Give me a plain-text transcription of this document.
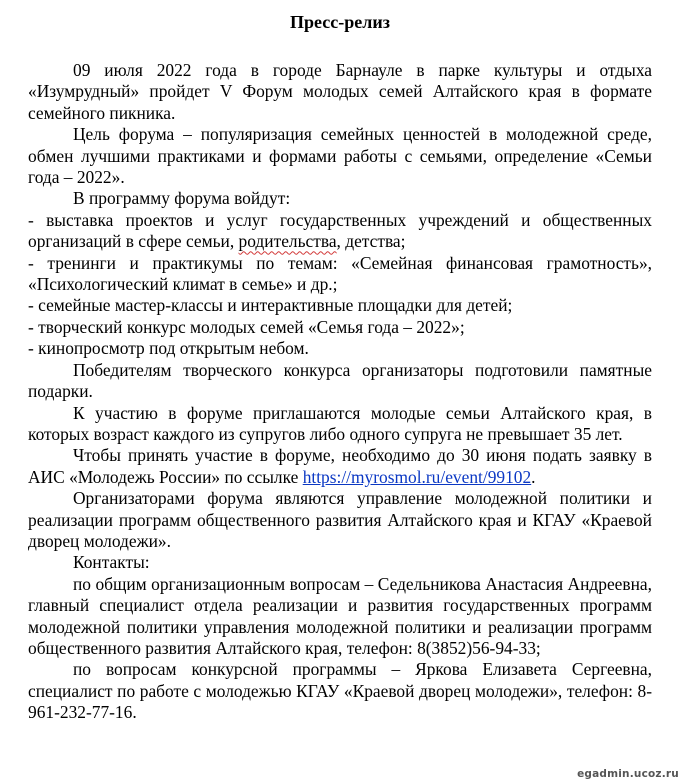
Пресс-релиз

09 июля 2022 года в городе Барнауле в парке культуры и отдыха «Изумрудный» пройдет V Форум молодых семей Алтайского края в формате семейного пикника.

Цель форума – популяризация семейных ценностей в молодежной среде, обмен лучшими практиками и формами работы с семьями, определение «Семьи года – 2022».

В программу форума войдут:

- выставка проектов и услуг государственных учреждений и общественных организаций в сфере семьи, родительства, детства;

- тренинги и практикумы по темам: «Семейная финансовая грамотность», «Психологический климат в семье» и др.;

- семейные мастер-классы и интерактивные площадки для детей;

- творческий конкурс молодых семей «Семья года – 2022»;

- кинопросмотр под открытым небом.

Победителям творческого конкурса организаторы подготовили памятные подарки.

К участию в форуме приглашаются молодые семьи Алтайского края, в которых возраст каждого из супругов либо одного супруга не превышает 35 лет.

Чтобы принять участие в форуме, необходимо до 30 июня подать заявку в АИС «Молодежь России» по ссылке https://myrosmol.ru/event/99102.

Организаторами форума являются управление молодежной политики и реализации программ общественного развития Алтайского края и КГАУ «Краевой дворец молодежи».

Контакты:

по общим организационным вопросам – Седельникова Анастасия Андреевна, главный специалист отдела реализации и развития государственных программ молодежной политики управления молодежной политики и реализации программ общественного развития Алтайского края, телефон: 8(3852)56-94-33;

по вопросам конкурсной программы – Яркова Елизавета Сергеевна, специалист по работе с молодежью КГАУ «Краевой дворец молодежи», телефон: 8-961-232-77-16.

egadmin.ucoz.ru
